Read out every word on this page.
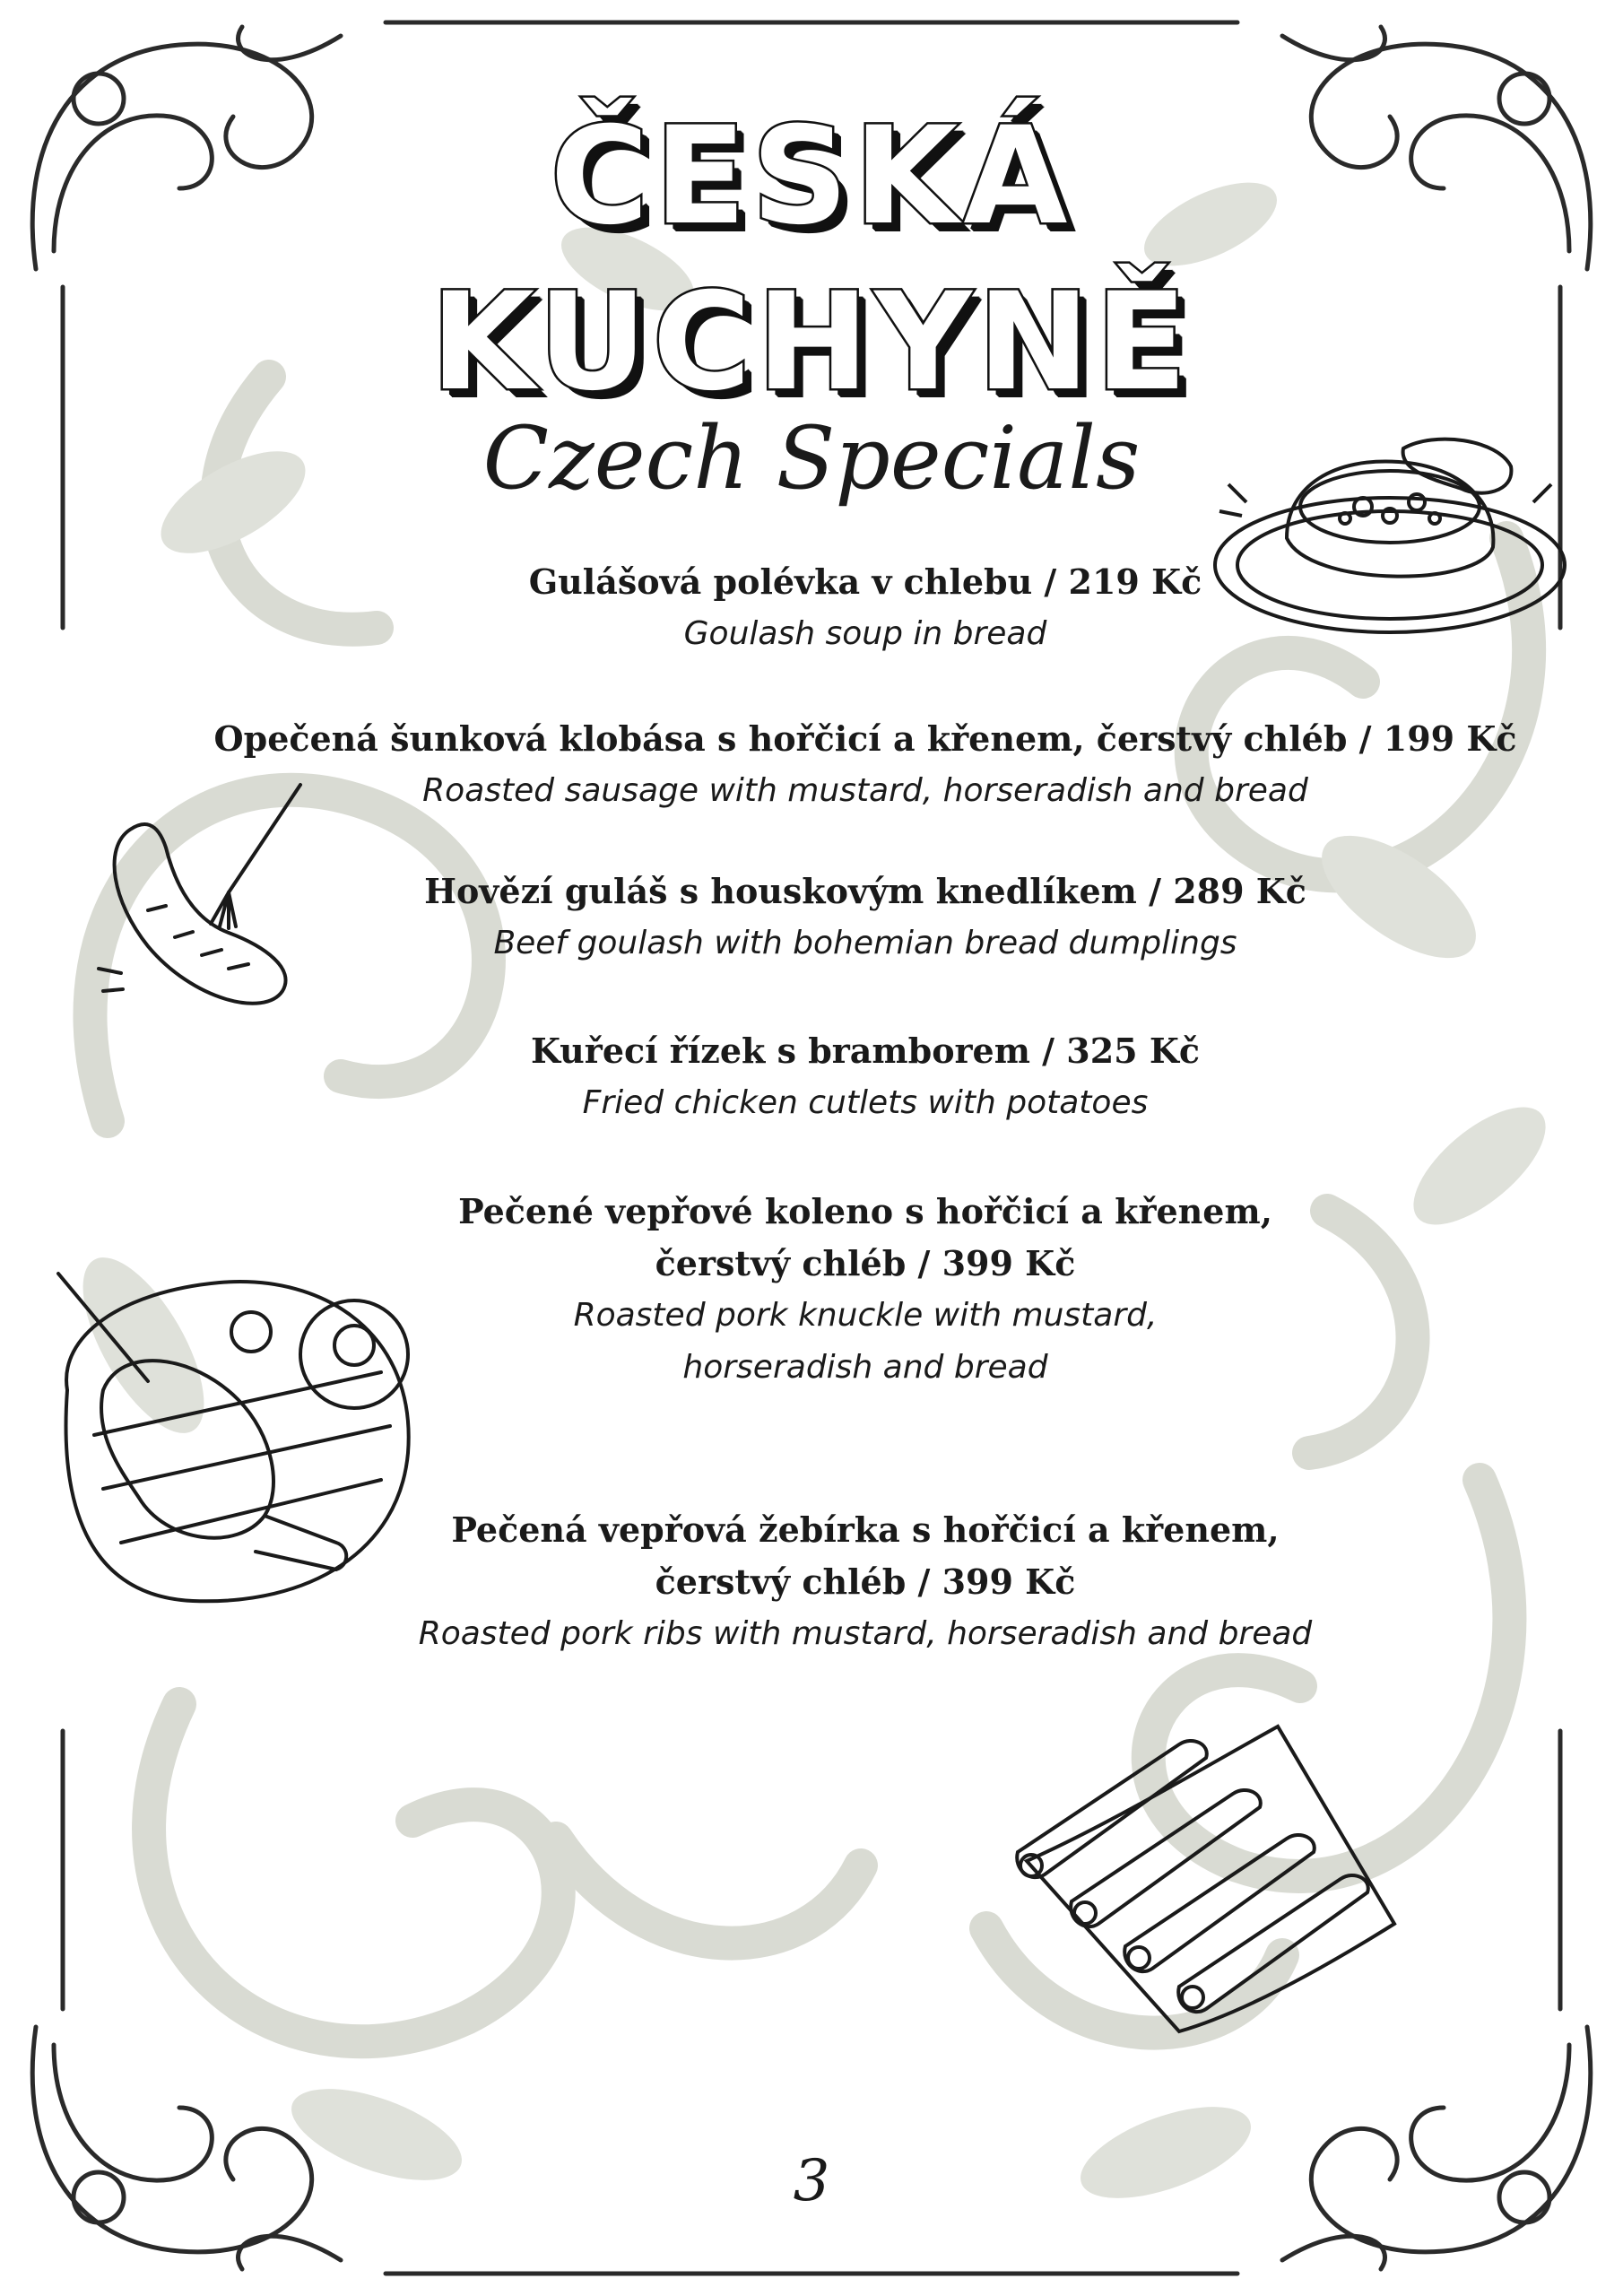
ČESKÁ
KUCHYNĚ
Czech Specials
Gulášová polévka v chlebu / 219 Kč
Goulash soup in bread
Opečená šunková klobása s hořčicí a křenem, čerstvý chléb / 199 Kč
Roasted sausage with mustard, horseradish and bread
Hovězí guláš s houskovým knedlíkem / 289 Kč
Beef goulash with bohemian bread dumplings
Kuřecí řízek s bramborem / 325 Kč
Fried chicken cutlets with potatoes
Pečené vepřové koleno s hořčicí a křenem,
čerstvý chléb / 399 Kč
Roasted pork knuckle with mustard,
horseradish and bread
Pečená vepřová žebírka s hořčicí a křenem,
čerstvý chléb / 399 Kč
Roasted pork ribs with mustard, horseradish and bread
3
